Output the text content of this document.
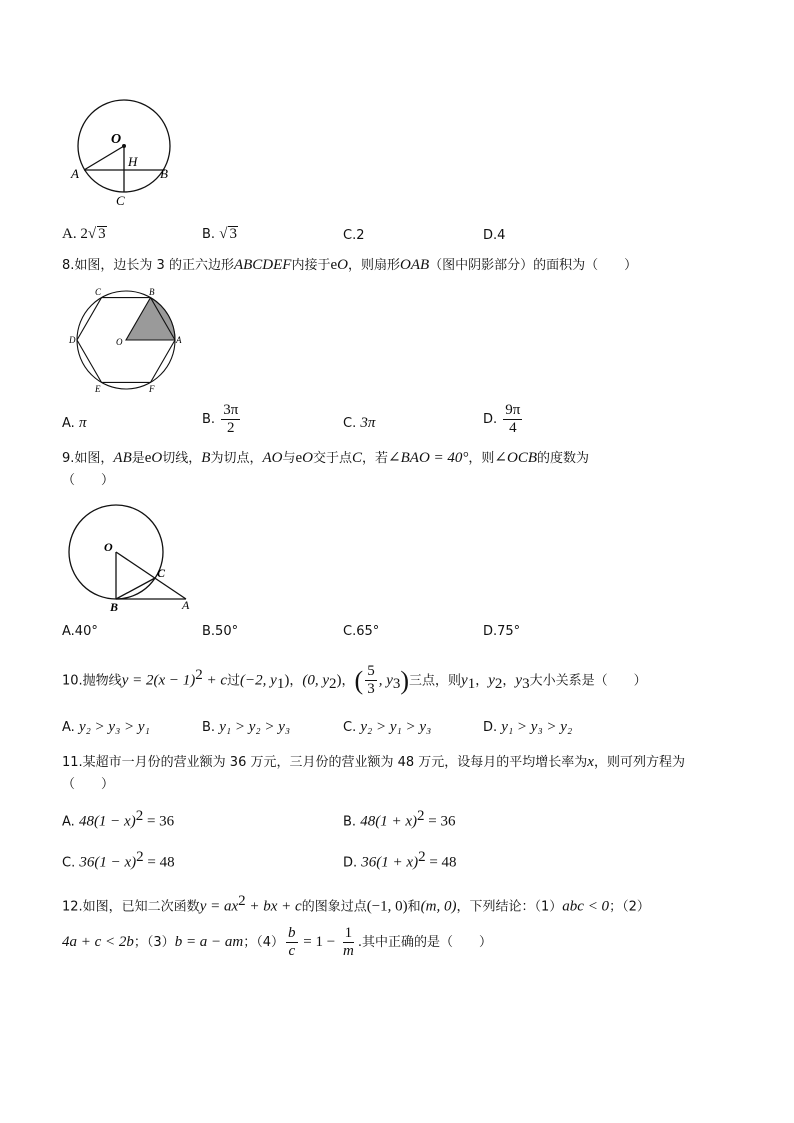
O
H
A	B
C
A. 2√ 3	B. √ 3	C.2	D.4
8.如图，边长为 3 的正六边形ABCDEF内接于eO，则扇形OAB（图中阴影部分）的面积为（　　）
C	B
D	O	A
E	F
A. π	B. $\frac{3\pi}{2}$	C. 3π	D. $\frac{9\pi}{4}$
9.如图，AB是eO切线，B为切点，AO与eO交于点C，若∠BAO = 40°，则∠OCB的度数为
（　　）
O
C
B	A
A.40°	B.50°	C.65°	D.75°
10.抛物线$y = 2(x - 1)^2 + c$过(−2, $y_1$)，(0, $y_2$)，( $\frac{5}{3}$ , $y_3$)三点，则$y_1$，$y_2$，$y_3$大小关系是（　　）
A. y₂ > y₃ > y₁	B. y₁ > y₂ > y₃	C. y₂ > y₁ > y₃	D. y₁ > y₃ > y₂
11.某超市一月份的营业额为 36 万元，三月份的营业额为 48 万元，设每月的平均增长率为x，则可列方程为
（　　）
A. $48(1 - x)^2 = 36$	B. $48(1 + x)^2 = 36$
C. $36(1 - x)^2 = 48$	D. $36(1 + x)^2 = 48$
12.如图，已知二次函数$y = ax^2$ + bx + c的图象过点(−1, 0)和(m, 0)，下列结论：（1）abc < 0；（2）
4a + c < 2b；（3）b = a − am；$(4) \frac{b}{c} = 1 - \frac{1}{m}$ .其中正确的是（　　）
